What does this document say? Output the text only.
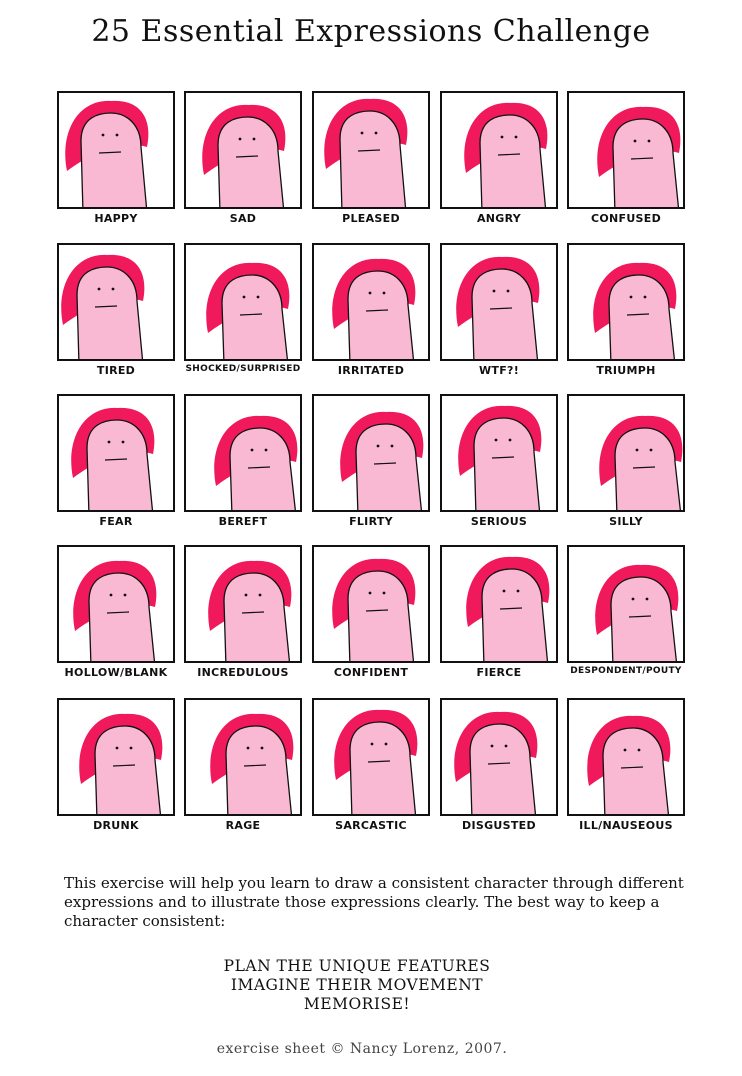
25 Essential Expressions Challenge
HAPPY	SAD	PLEASED	ANGRY	CONFUSED
TIRED	SHOCKED/SURPRISED	IRRITATED	WTF?!	TRIUMPH
FEAR	BEREFT	FLIRTY	SERIOUS	SILLY
HOLLOW/BLANK	INCREDULOUS	CONFIDENT	FIERCE	DESPONDENT/POUTY
DRUNK	RAGE	SARCASTIC	DISGUSTED	ILL/NAUSEOUS
This exercise will help you learn to draw a consistent character through different expressions and to illustrate those expressions clearly. The best way to keep a character consistent:
PLAN THE UNIQUE FEATURES
IMAGINE THEIR MOVEMENT
MEMORISE!
exercise sheet © Nancy Lorenz, 2007.
